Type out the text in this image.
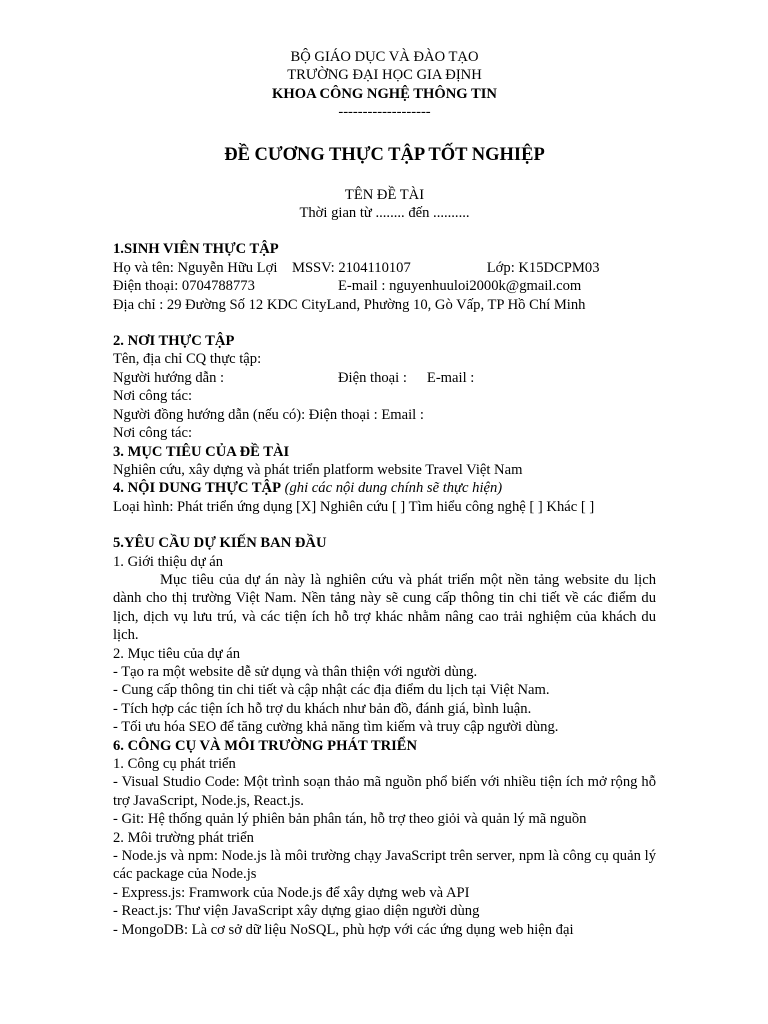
BỘ GIÁO DỤC VÀ ĐÀO TẠO

TRƯỜNG ĐẠI HỌC GIA ĐỊNH

KHOA CÔNG NGHỆ THÔNG TIN

-------------------

ĐỀ CƯƠNG THỰC TẬP TỐT NGHIỆP

TÊN ĐỀ TÀI

Thời gian từ ........ đến ..........

1.SINH VIÊN THỰC TẬP

Họ và tên: Nguyễn Hữu Lợi MSSV: 2104110107	Lớp: K15DCPM03

Điện thoại: 0704788773	E-mail : nguyenhuuloi2000k@gmail.com

Địa chỉ : 29 Đường Số 12 KDC CityLand, Phường 10, Gò Vấp, TP Hồ Chí Minh

2. NƠI THỰC TẬP

Tên, địa chỉ CQ thực tập:

Người hướng dẫn :	Điện thoại : E-mail :

Nơi công tác:

Người đồng hướng dẫn (nếu có): Điện thoại : Email :

Nơi công tác:

3. MỤC TIÊU CỦA ĐỀ TÀI

Nghiên cứu, xây dựng và phát triển platform website Travel Việt Nam

4. NỘI DUNG THỰC TẬP (ghi các nội dung chính sẽ thực hiện)

Loại hình: Phát triển ứng dụng [X] Nghiên cứu [ ] Tìm hiểu công nghệ [ ] Khác [ ]

5.YÊU CẦU DỰ KIẾN BAN ĐẦU

1. Giới thiệu dự án

Mục tiêu của dự án này là nghiên cứu và phát triển một nền tảng website du lịch dành cho thị trường Việt Nam. Nền tảng này sẽ cung cấp thông tin chi tiết về các điểm du lịch, dịch vụ lưu trú, và các tiện ích hỗ trợ khác nhằm nâng cao trải nghiệm của khách du lịch.

2. Mục tiêu của dự án

- Tạo ra một website dễ sử dụng và thân thiện với người dùng.

- Cung cấp thông tin chi tiết và cập nhật các địa điểm du lịch tại Việt Nam.

- Tích hợp các tiện ích hỗ trợ du khách như bản đồ, đánh giá, bình luận.

- Tối ưu hóa SEO để tăng cường khả năng tìm kiếm và truy cập người dùng.

6. CÔNG CỤ VÀ MÔI TRƯỜNG PHÁT TRIỂN

1. Công cụ phát triển

- Visual Studio Code: Một trình soạn thảo mã nguồn phổ biến với nhiều tiện ích mở rộng hỗ trợ JavaScript, Node.js, React.js.

- Git: Hệ thống quản lý phiên bản phân tán, hỗ trợ theo giỏi và quản lý mã nguồn

2. Môi trường phát triển

- Node.js và npm: Node.js là môi trường chạy JavaScript trên server, npm là công cụ quản lý các package của Node.js

- Express.js: Framwork của Node.js để xây dựng web và API

- React.js: Thư viện JavaScript xây dựng giao diện người dùng

- MongoDB: Là cơ sở dữ liệu NoSQL, phù hợp với các ứng dụng web hiện đại
